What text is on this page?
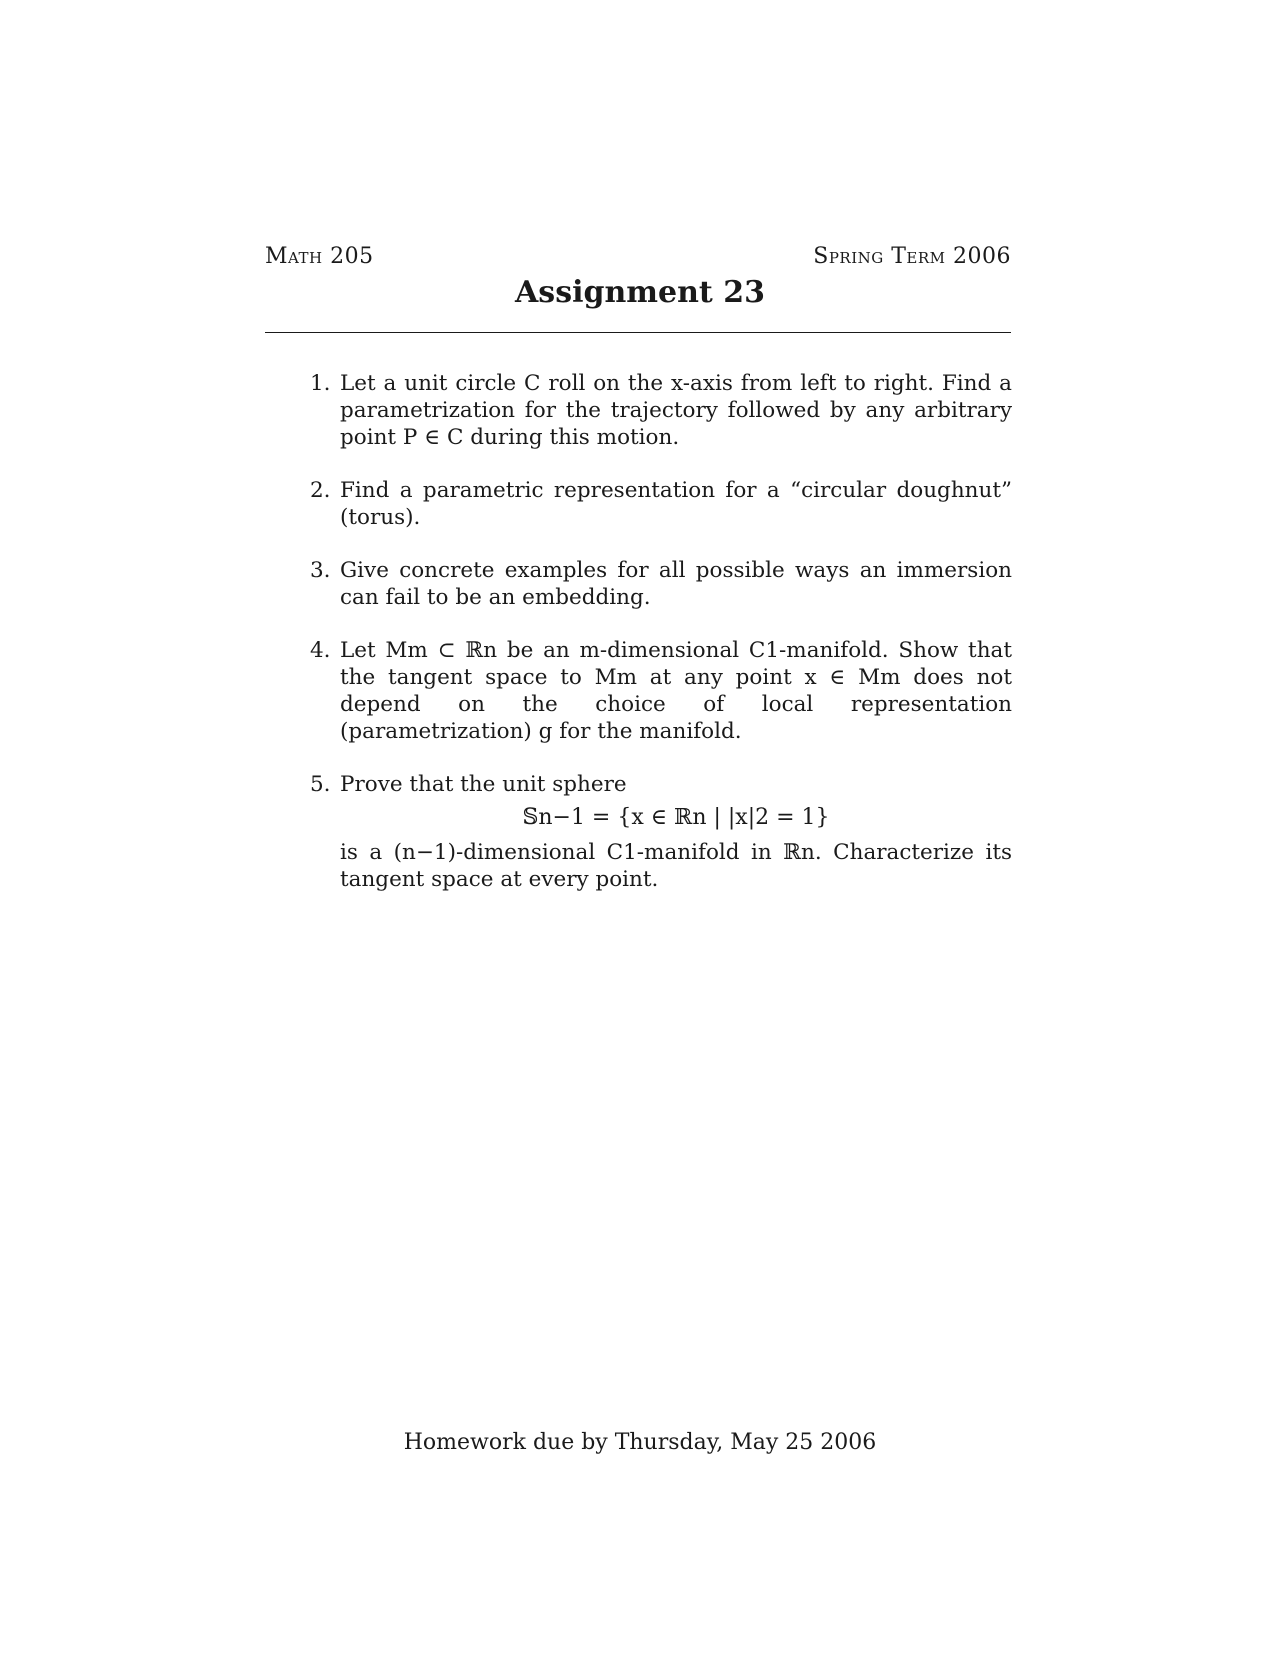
Math 205	Spring Term 2006
Assignment 23
1. Let a unit circle C roll on the x-axis from left to right. Find a parametrization for the trajectory followed by any arbitrary point P ∈ C during this motion.
2. Find a parametric representation for a “circular doughnut” (torus).
3. Give concrete examples for all possible ways an immersion can fail to be an embedding.
4. Let Mm ⊂ ℝn be an m-dimensional C1-manifold. Show that the tangent space to Mm at any point x ∈ Mm does not depend on the choice of local representation (parametrization) g for the manifold.
5. Prove that the unit sphere
𝕊n−1 = {x ∈ ℝn | |x|2 = 1}
is a (n−1)-dimensional C1-manifold in ℝn. Characterize its tangent space at every point.
Homework due by Thursday, May 25 2006
